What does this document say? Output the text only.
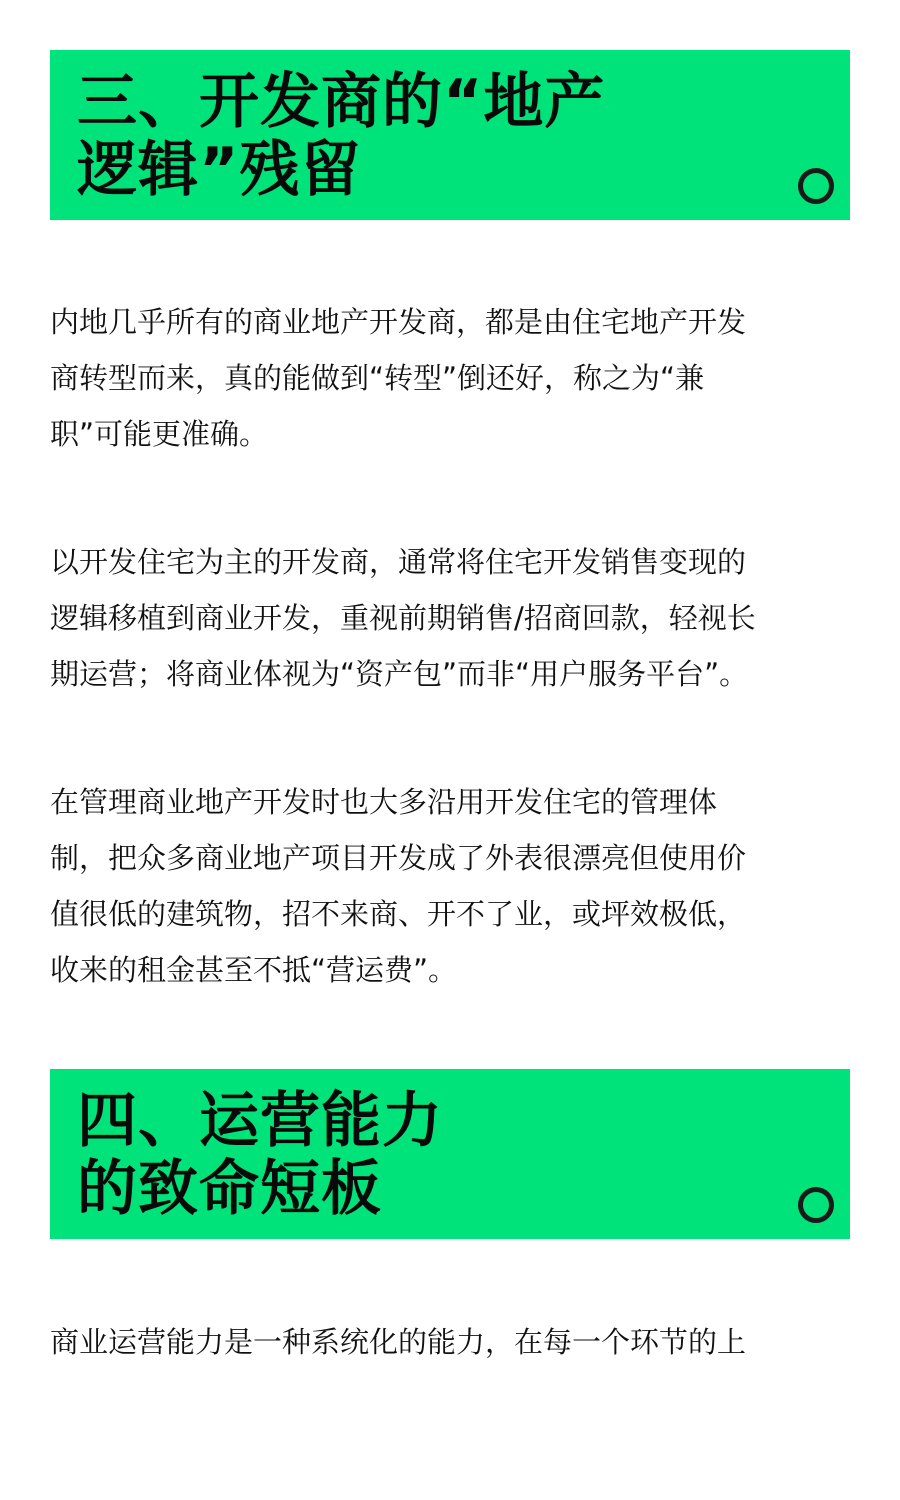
三、开发商的“地产
逻辑”残留

内地几乎所有的商业地产开发商，都是由住宅地产开发
商转型而来，真的能做到“转型”倒还好，称之为“兼
职”可能更准确。

以开发住宅为主的开发商，通常将住宅开发销售变现的
逻辑移植到商业开发，重视前期销售/招商回款，轻视长
期运营；将商业体视为“资产包”而非“用户服务平台”。

在管理商业地产开发时也大多沿用开发住宅的管理体
制，把众多商业地产项目开发成了外表很漂亮但使用价
值很低的建筑物，招不来商、开不了业，或坪效极低，
收来的租金甚至不抵“营运费”。

四、运营能力
的致命短板

商业运营能力是一种系统化的能力，在每一个环节的上
